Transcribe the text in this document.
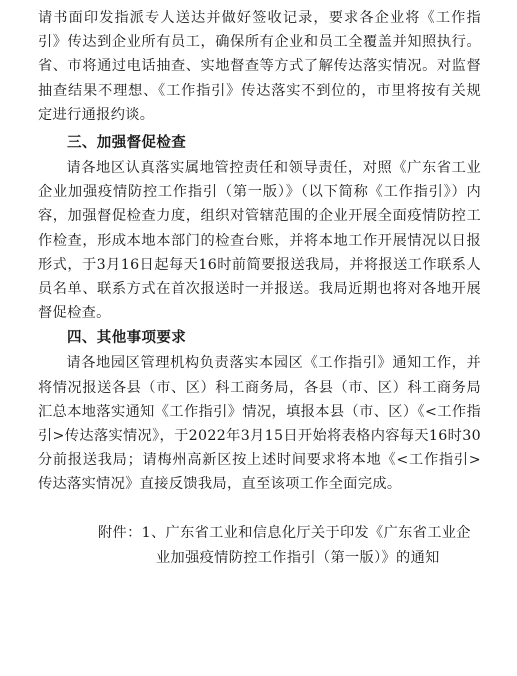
请书面印发指派专人送达并做好签收记录，要求各企业将《工作指引》传达到企业所有员工，确保所有企业和员工全覆盖并知照执行。省、市将通过电话抽查、实地督查等方式了解传达落实情况。对监督抽查结果不理想、《工作指引》传达落实不到位的，市里将按有关规定进行通报约谈。

三、加强督促检查

请各地区认真落实属地管控责任和领导责任，对照《广东省工业企业加强疫情防控工作指引（第一版）》（以下简称《工作指引》）内容，加强督促检查力度，组织对管辖范围的企业开展全面疫情防控工作检查，形成本地本部门的检查台账，并将本地工作开展情况以日报形式，于3月16日起每天16时前简要报送我局，并将报送工作联系人员名单、联系方式在首次报送时一并报送。我局近期也将对各地开展督促检查。

四、其他事项要求

请各地园区管理机构负责落实本园区《工作指引》通知工作，并将情况报送各县（市、区）科工商务局，各县（市、区）科工商务局汇总本地落实通知《工作指引》情况，填报本县（市、区）《<工作指引>传达落实情况》，于2022年3月15日开始将表格内容每天16时30分前报送我局；请梅州高新区按上述时间要求将本地《<工作指引>传达落实情况》直接反馈我局，直至该项工作全面完成。

附件：1、广东省工业和信息化厅关于印发《广东省工业企
业加强疫情防控工作指引（第一版）》的通知
